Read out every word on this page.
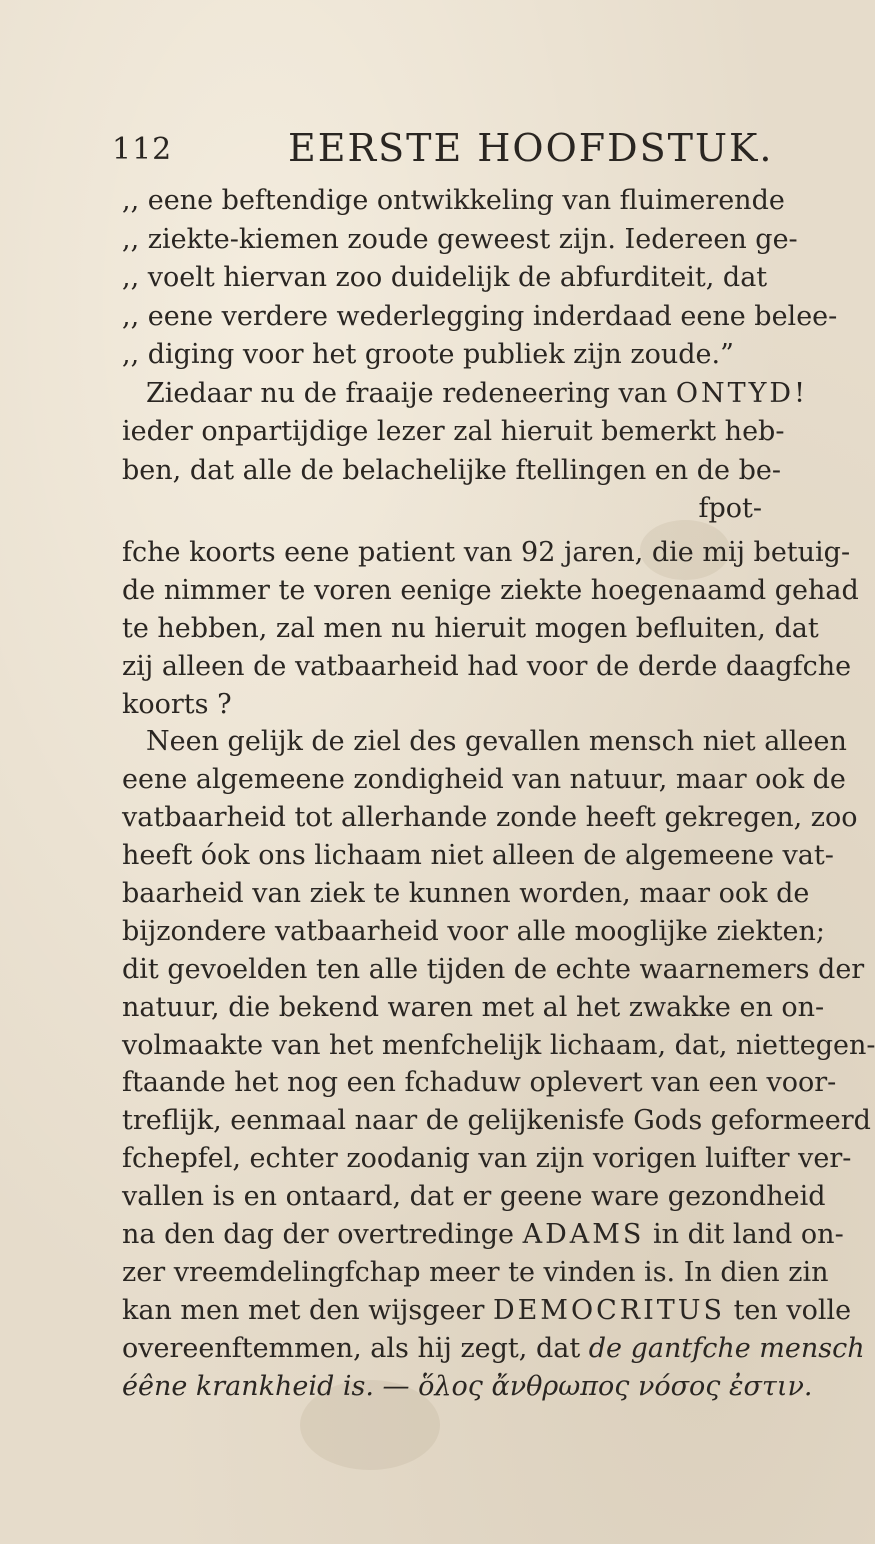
112	EERSTE HOOFDSTUK.
,, eene beftendige ontwikkeling van fluimerende
,, ziekte-kiemen zoude geweest zijn. Iedereen ge-
,, voelt hiervan zoo duidelijk de abfurditeit, dat
,, eene verdere wederlegging inderdaad eene belee-
,, diging voor het groote publiek zijn zoude.”
Ziedaar nu de fraaije redeneering van ONTYD!
ieder onpartijdige lezer zal hieruit bemerkt heb-
ben, dat alle de belachelijke ftellingen en de be-
fpot-
fche koorts eene patient van 92 jaren, die mij betuig-
de nimmer te voren eenige ziekte hoegenaamd gehad
te hebben, zal men nu hieruit mogen befluiten, dat
zij alleen de vatbaarheid had voor de derde daagfche
koorts ?
Neen gelijk de ziel des gevallen mensch niet alleen
eene algemeene zondigheid van natuur, maar ook de
vatbaarheid tot allerhande zonde heeft gekregen, zoo
heeft óok ons lichaam niet alleen de algemeene vat-
baarheid van ziek te kunnen worden, maar ook de
bijzondere vatbaarheid voor alle mooglijke ziekten;
dit gevoelden ten alle tijden de echte waarnemers der
natuur, die bekend waren met al het zwakke en on-
volmaakte van het menfchelijk lichaam, dat, niettegen-
ftaande het nog een fchaduw oplevert van een voor-
treflijk, eenmaal naar de gelijkenisfe Gods geformeerd
fchepfel, echter zoodanig van zijn vorigen luifter ver-
vallen is en ontaard, dat er geene ware gezondheid
na den dag der overtredinge ADAMS in dit land on-
zer vreemdelingfchap meer te vinden is. In dien zin
kan men met den wijsgeer DEMOCRITUS ten volle
overeenftemmen, als hij zegt, dat de gantfche mensch
éêne krankheid is. — ὅλος ἄνθρωπος νόσος ἐστιν.
